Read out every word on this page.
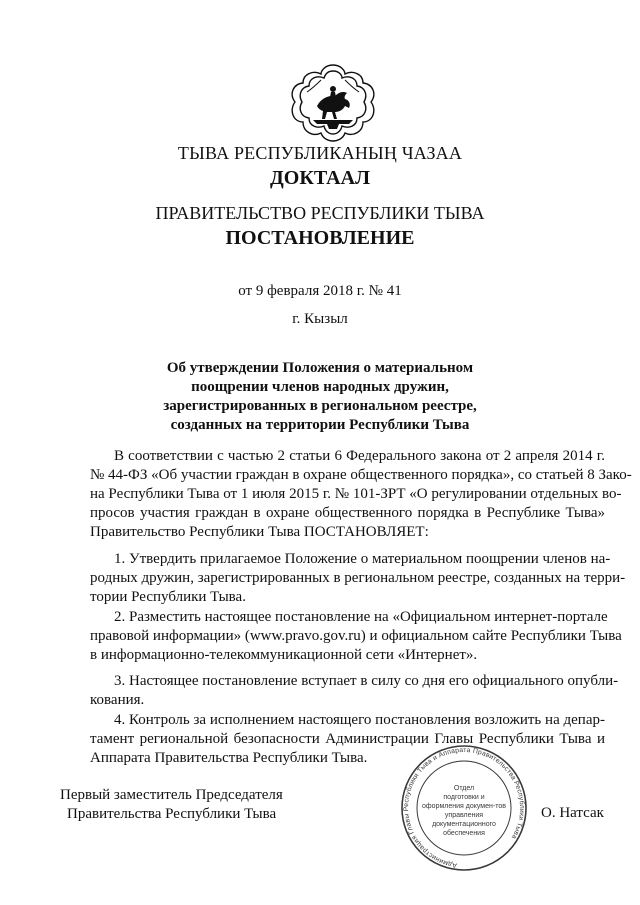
ТЫВА РЕСПУБЛИКАНЫҢ ЧАЗАА
ДОКТААЛ
ПРАВИТЕЛЬСТВО РЕСПУБЛИКИ ТЫВА
ПОСТАНОВЛЕНИЕ
от 9 февраля 2018 г. № 41
г. Кызыл
Об утверждении Положения о материальном
поощрении членов народных дружин,
зарегистрированных в региональном реестре,
созданных на территории Республики Тыва
В соответствии с частью 2 статьи 6 Федерального закона от 2 апреля 2014 г.
№ 44-ФЗ «Об участии граждан в охране общественного порядка», со статьей 8 Зако-
на Республики Тыва от 1 июля 2015 г. № 101-ЗРТ «О регулировании отдельных во-
просов участия граждан в охране общественного порядка в Республике Тыва»
Правительство Республики Тыва ПОСТАНОВЛЯЕТ:
1. Утвердить прилагаемое Положение о материальном поощрении членов на-
родных дружин, зарегистрированных в региональном реестре, созданных на терри-
тории Республики Тыва.
2. Разместить настоящее постановление на «Официальном интернет-портале
правовой информации» (www.pravo.gov.ru) и официальном сайте Республики Тыва
в информационно-телекоммуникационной сети «Интернет».
3. Настоящее постановление вступает в силу со дня его официального опубли-
кования.
4. Контроль за исполнением настоящего постановления возложить на депар-
тамент региональной безопасности Администрации Главы Республики Тыва и
Аппарата Правительства Республики Тыва.
Администрация Главы Республики Тыва и Аппарата Правительства Республики Тыва
Отдел
подготовки и
оформления докумен-тов
управления
документационного
обеспечения
Первый заместитель Председателя
Правительства Республики Тыва	О. Натсак
